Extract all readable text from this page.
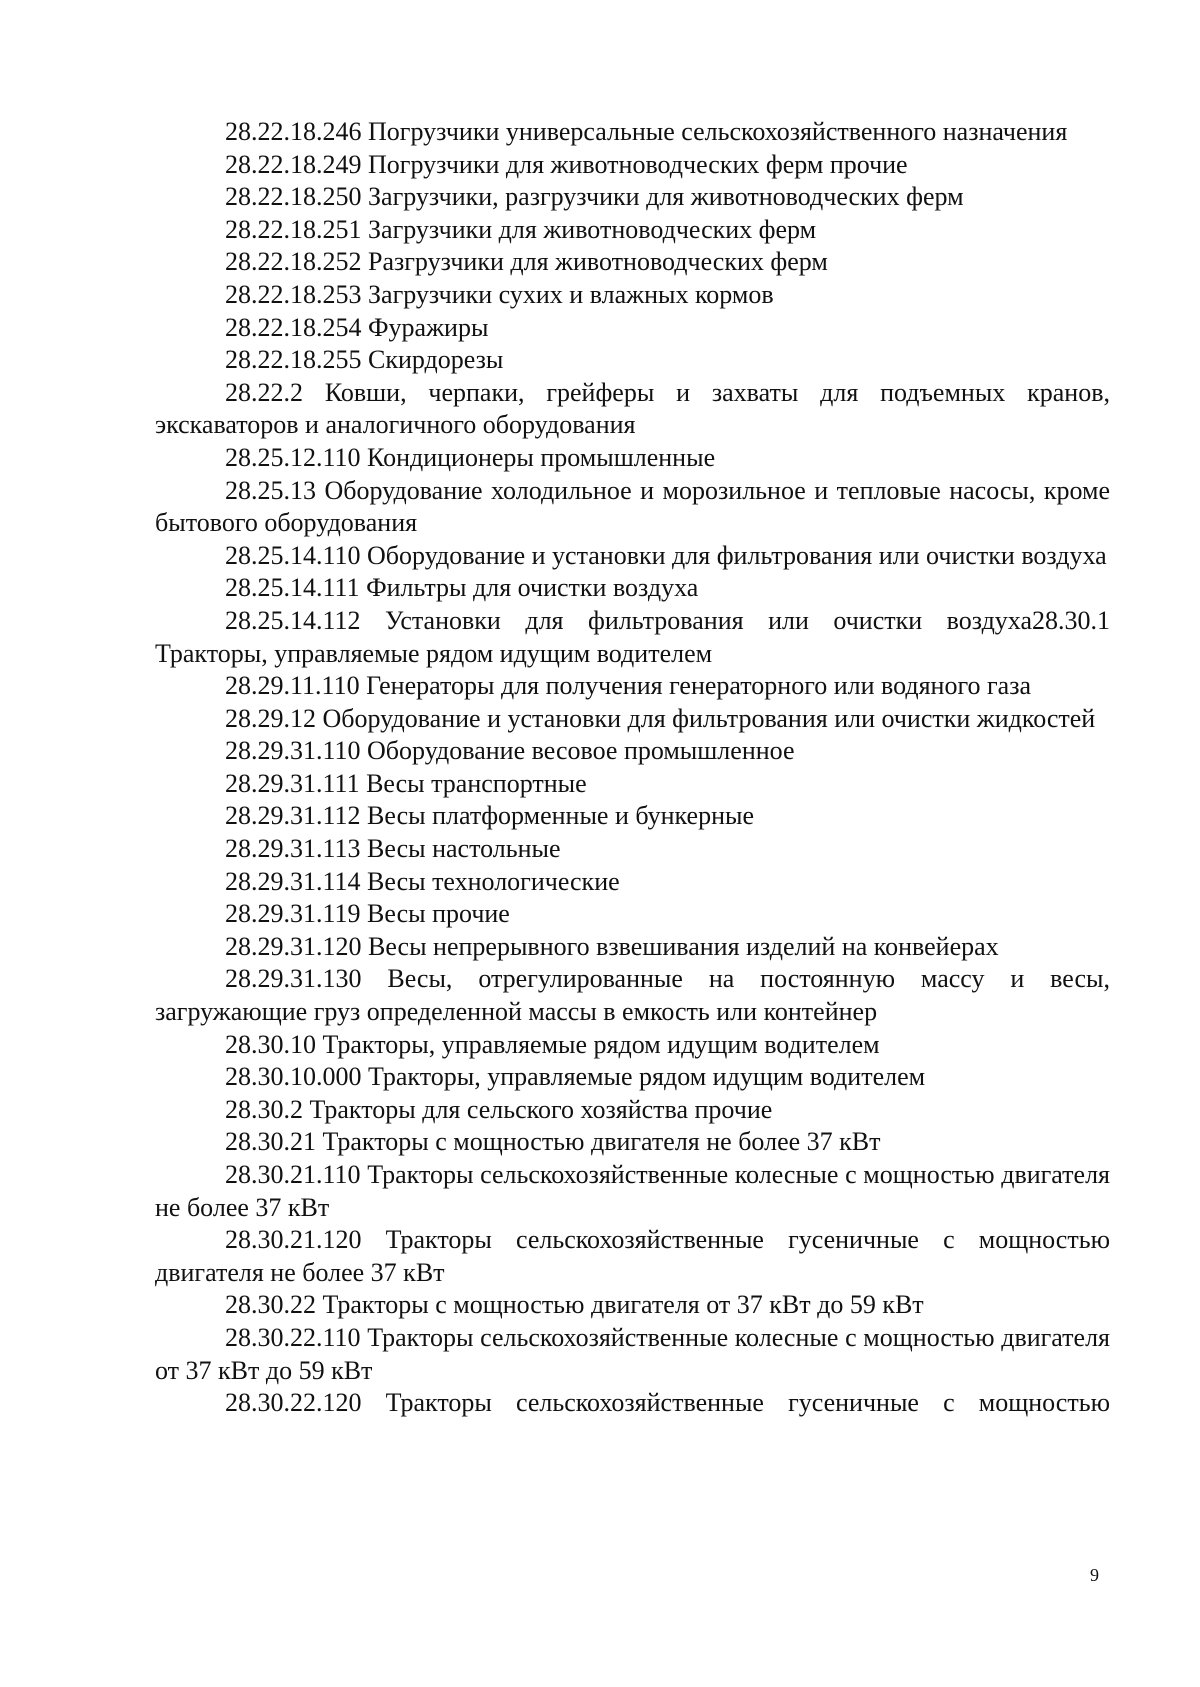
28.22.18.246 Погрузчики универсальные сельскохозяйственного назначения

28.22.18.249 Погрузчики для животноводческих ферм прочие

28.22.18.250 Загрузчики, разгрузчики для животноводческих ферм

28.22.18.251 Загрузчики для животноводческих ферм

28.22.18.252 Разгрузчики для животноводческих ферм

28.22.18.253 Загрузчики сухих и влажных кормов

28.22.18.254 Фуражиры

28.22.18.255 Скирдорезы

28.22.2 Ковши, черпаки, грейферы и захваты для подъемных кранов, экскаваторов и аналогичного оборудования

28.25.12.110 Кондиционеры промышленные

28.25.13 Оборудование холодильное и морозильное и тепловые насосы, кроме бытового оборудования

28.25.14.110 Оборудование и установки для фильтрования или очистки воздуха

28.25.14.111 Фильтры для очистки воздуха

28.25.14.112 Установки для фильтрования или очистки воздуха28.30.1 Тракторы, управляемые рядом идущим водителем

28.29.11.110 Генераторы для получения генераторного или водяного газа

28.29.12 Оборудование и установки для фильтрования или очистки жидкостей

28.29.31.110 Оборудование весовое промышленное

28.29.31.111 Весы транспортные

28.29.31.112 Весы платформенные и бункерные

28.29.31.113 Весы настольные

28.29.31.114 Весы технологические

28.29.31.119 Весы прочие

28.29.31.120 Весы непрерывного взвешивания изделий на конвейерах

28.29.31.130 Весы, отрегулированные на постоянную массу и весы, загружающие груз определенной массы в емкость или контейнер

28.30.10 Тракторы, управляемые рядом идущим водителем

28.30.10.000 Тракторы, управляемые рядом идущим водителем

28.30.2 Тракторы для сельского хозяйства прочие

28.30.21 Тракторы с мощностью двигателя не более 37 кВт

28.30.21.110 Тракторы сельскохозяйственные колесные с мощностью двигателя не более 37 кВт

28.30.21.120 Тракторы сельскохозяйственные гусеничные с мощностью двигателя не более 37 кВт

28.30.22 Тракторы с мощностью двигателя от 37 кВт до 59 кВт

28.30.22.110 Тракторы сельскохозяйственные колесные с мощностью двигателя от 37 кВт до 59 кВт

28.30.22.120 Тракторы сельскохозяйственные гусеничные с мощностью

9
